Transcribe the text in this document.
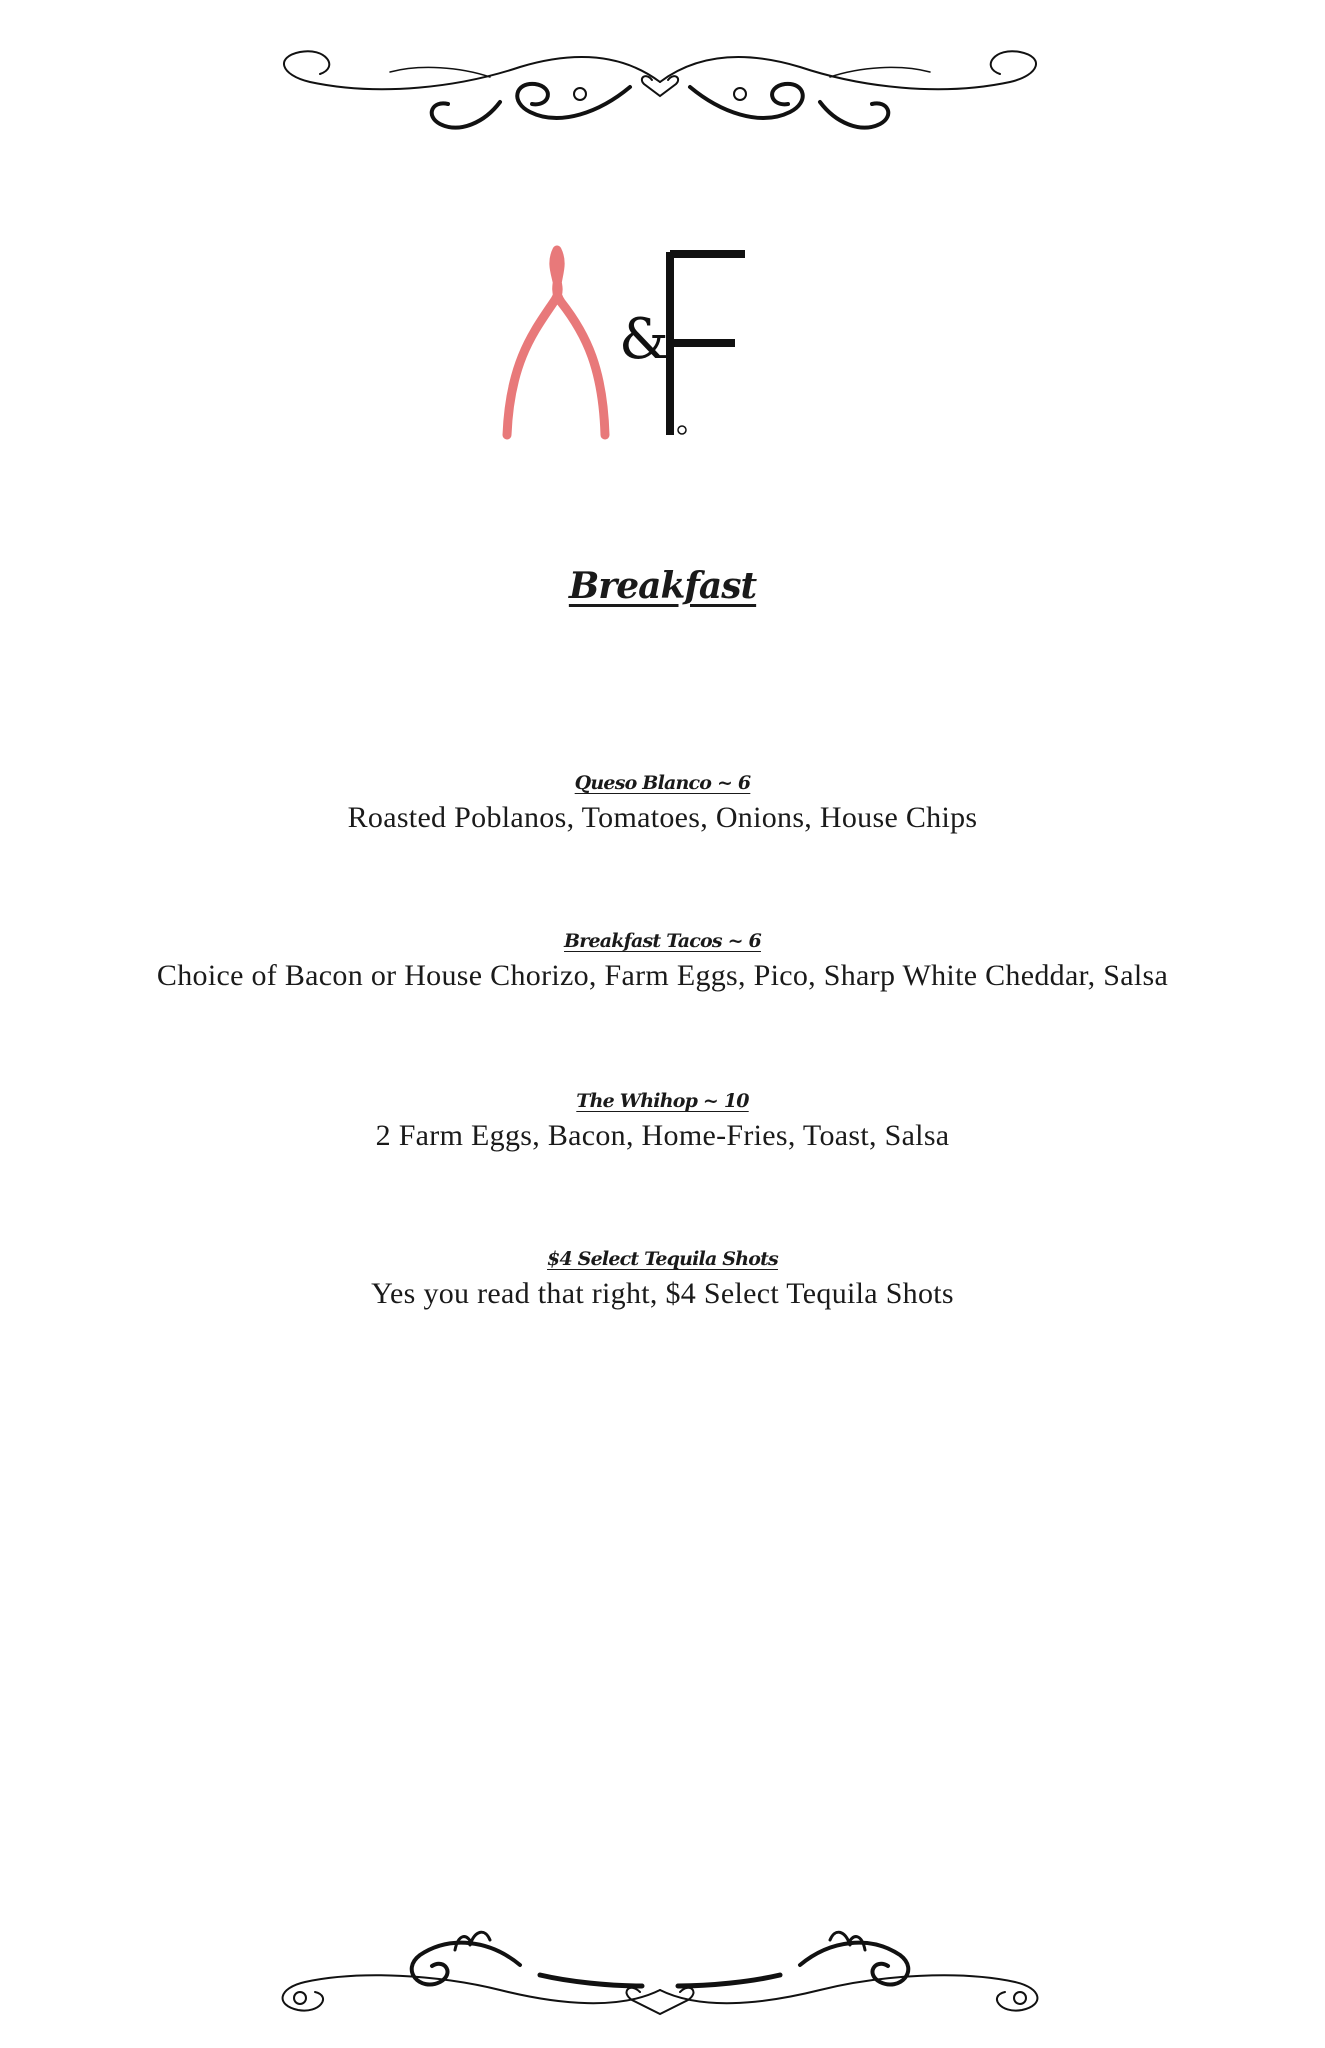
&
Breakfast
Queso Blanco ~ 6
Roasted Poblanos, Tomatoes, Onions, House Chips
Breakfast Tacos ~ 6
Choice of Bacon or House Chorizo, Farm Eggs, Pico, Sharp White Cheddar, Salsa
The Whihop ~ 10
2 Farm Eggs, Bacon, Home-Fries, Toast, Salsa
$4 Select Tequila Shots
Yes you read that right, $4 Select Tequila Shots
